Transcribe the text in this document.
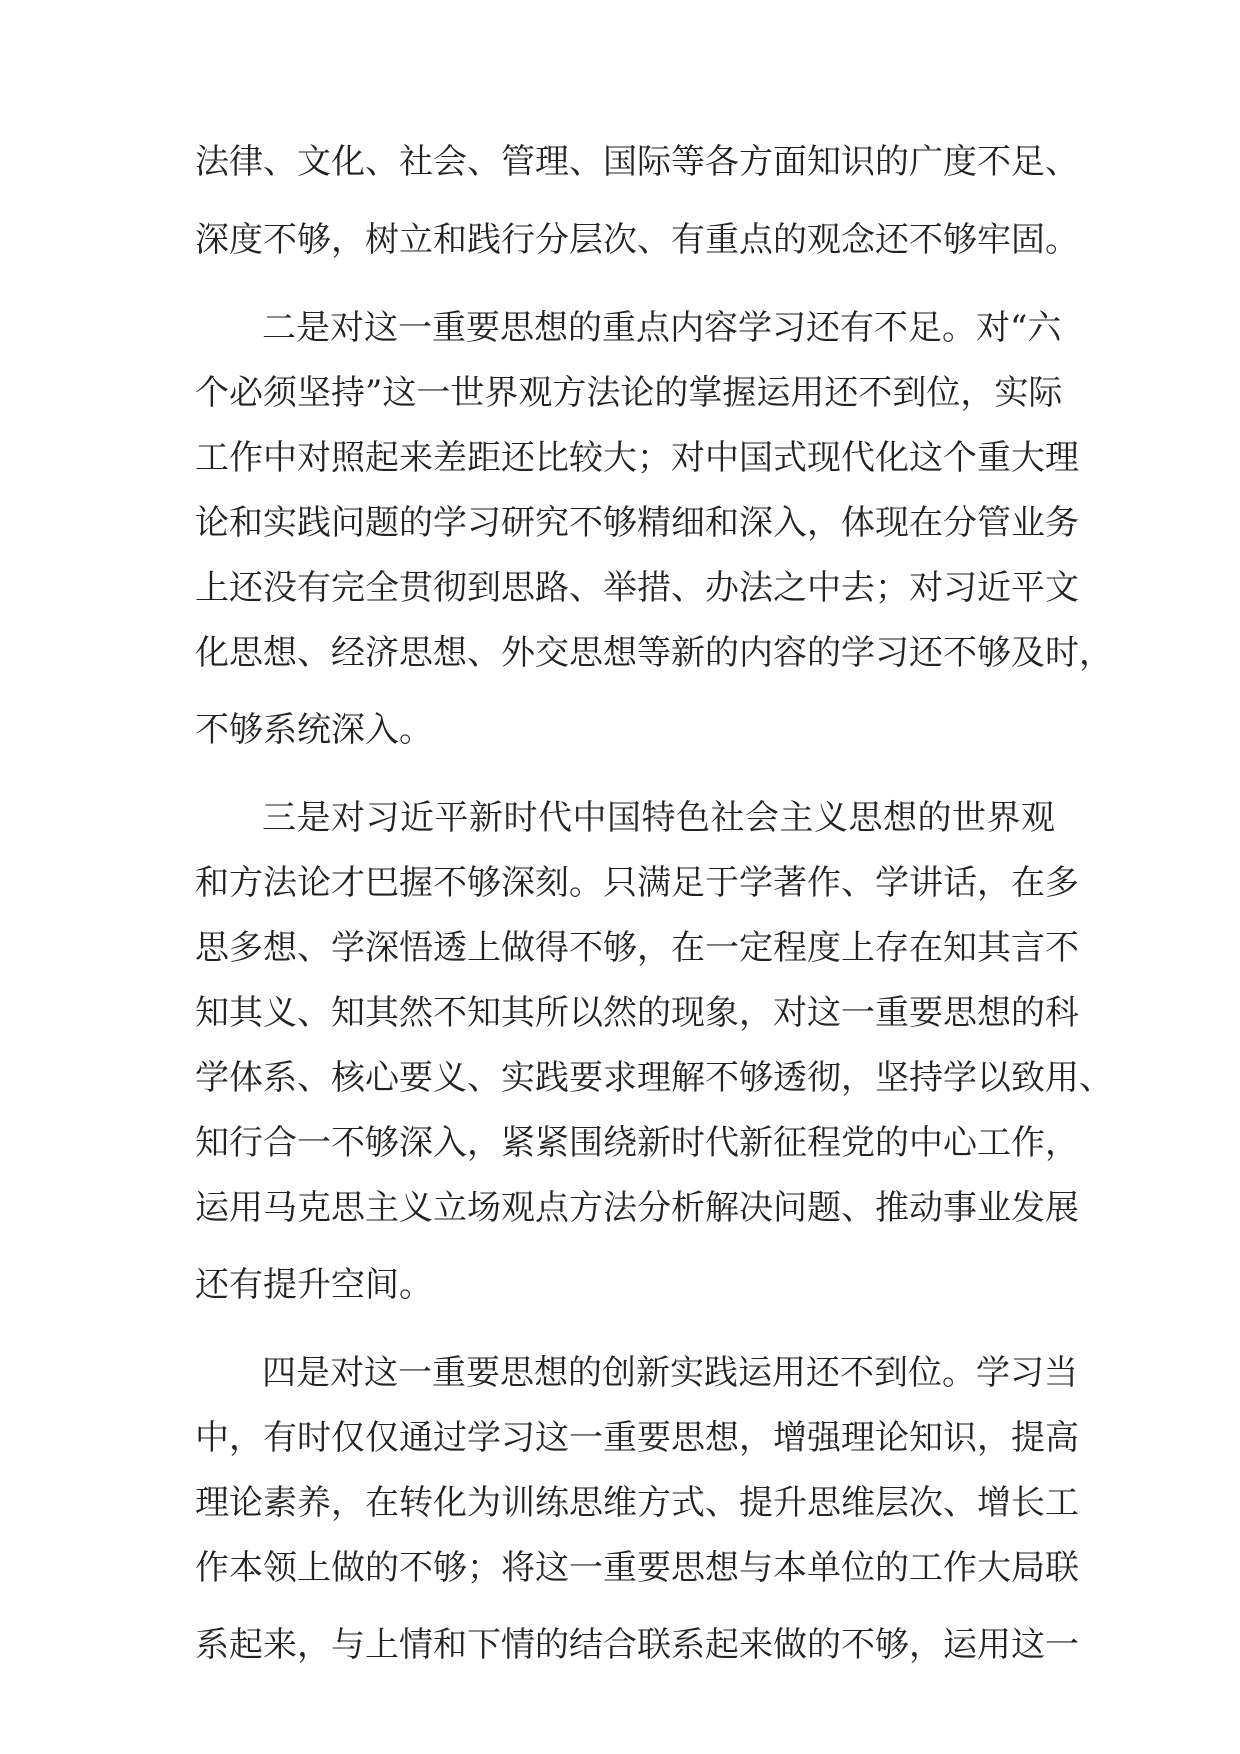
法律、文化、社会、管理、国际等各方面知识的广度不足、
深度不够，树立和践行分层次、有重点的观念还不够牢固。
二是对这一重要思想的重点内容学习还有不足。对“六
个必须坚持”这一世界观方法论的掌握运用还不到位，实际
工作中对照起来差距还比较大；对中国式现代化这个重大理
论和实践问题的学习研究不够精细和深入，体现在分管业务
上还没有完全贯彻到思路、举措、办法之中去；对习近平文
化思想、经济思想、外交思想等新的内容的学习还不够及时，
不够系统深入。
三是对习近平新时代中国特色社会主义思想的世界观
和方法论才巴握不够深刻。只满足于学著作、学讲话，在多
思多想、学深悟透上做得不够，在一定程度上存在知其言不
知其义、知其然不知其所以然的现象，对这一重要思想的科
学体系、核心要义、实践要求理解不够透彻，坚持学以致用、
知行合一不够深入，紧紧围绕新时代新征程党的中心工作，
运用马克思主义立场观点方法分析解决问题、推动事业发展
还有提升空间。
四是对这一重要思想的创新实践运用还不到位。学习当
中，有时仅仅通过学习这一重要思想，增强理论知识，提高
理论素养，在转化为训练思维方式、提升思维层次、增长工
作本领上做的不够；将这一重要思想与本单位的工作大局联
系起来，与上情和下情的结合联系起来做的不够，运用这一
